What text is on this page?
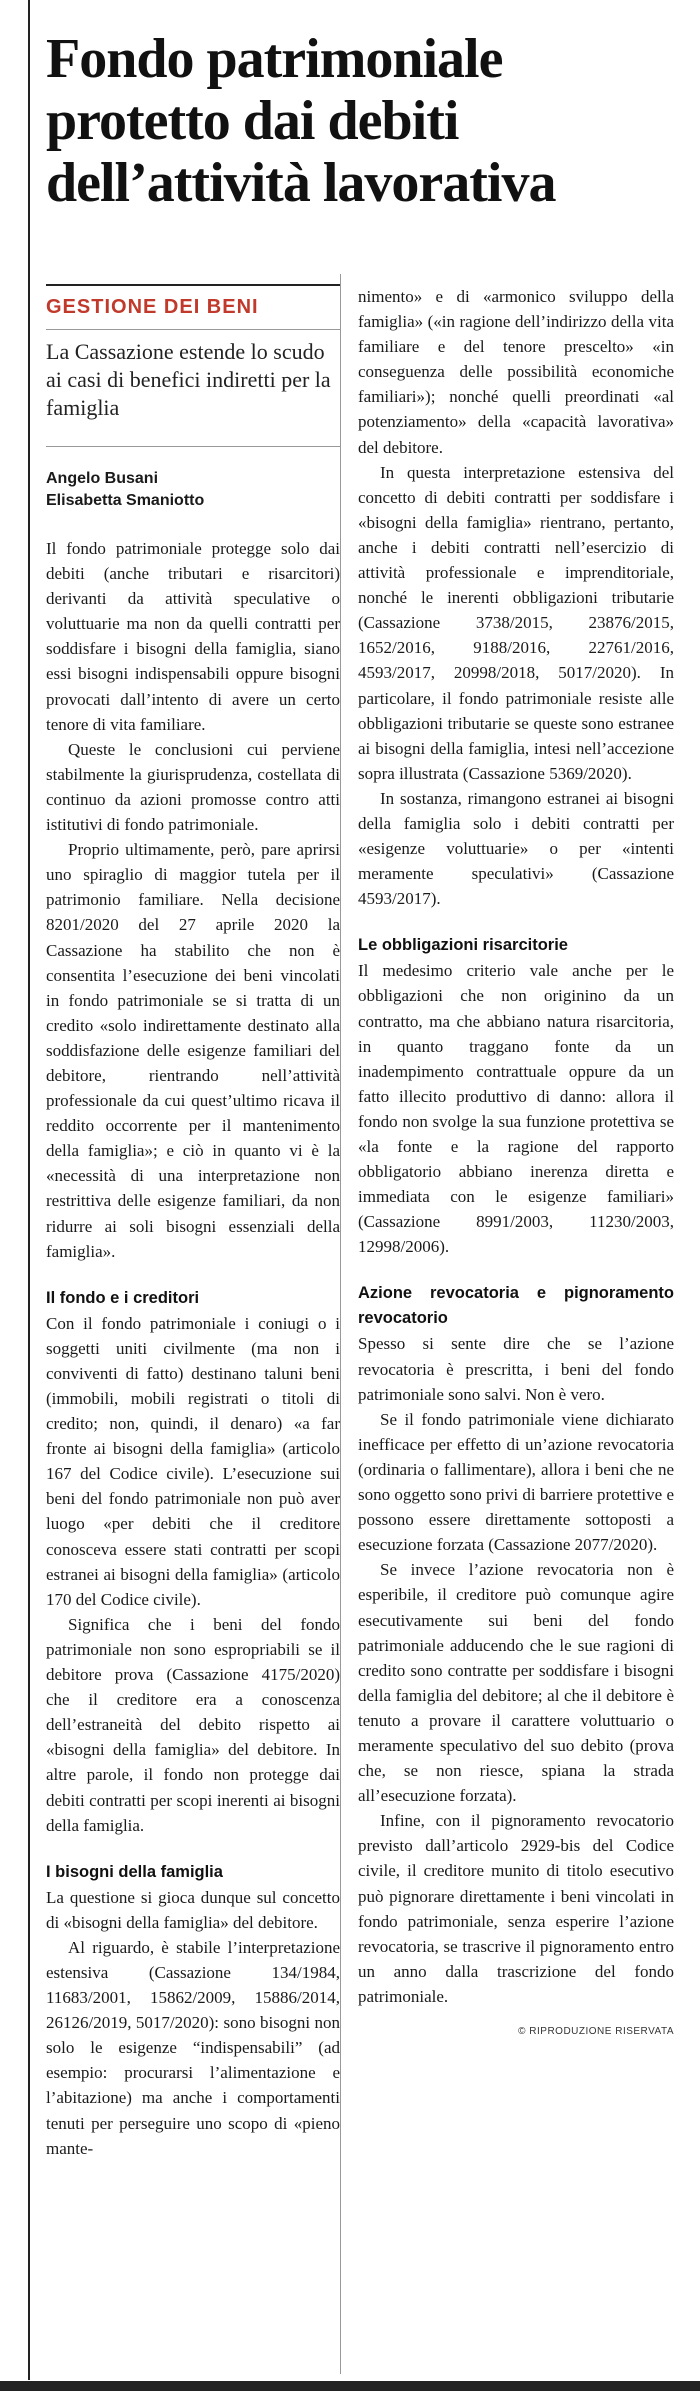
Fondo patrimoniale protetto dai debiti dell’attività lavorativa
GESTIONE DEI BENI

La Cassazione estende lo scudo ai casi di benefici indiretti per la famiglia

Angelo Busani
Elisabetta Smaniotto

Il fondo patrimoniale protegge solo dai debiti (anche tributari e risarcitori) derivanti da attività speculative o voluttuarie ma non da quelli contratti per soddisfare i bisogni della famiglia, siano essi bisogni indispensabili oppure bisogni provocati dall’intento di avere un certo tenore di vita familiare.

Queste le conclusioni cui perviene stabilmente la giurisprudenza, costellata di continuo da azioni promosse contro atti istitutivi di fondo patrimoniale.

Proprio ultimamente, però, pare aprirsi uno spiraglio di maggior tutela per il patrimonio familiare. Nella decisione 8201/2020 del 27 aprile 2020 la Cassazione ha stabilito che non è consentita l’esecuzione dei beni vincolati in fondo patrimoniale se si tratta di un credito «solo indirettamente destinato alla soddisfazione delle esigenze familiari del debitore, rientrando nell’attività professionale da cui quest’ultimo ricava il reddito occorrente per il mantenimento della famiglia»; e ciò in quanto vi è la «necessità di una interpretazione non restrittiva delle esigenze familiari, da non ridurre ai soli bisogni essenziali della famiglia».

Il fondo e i creditori

Con il fondo patrimoniale i coniugi o i soggetti uniti civilmente (ma non i conviventi di fatto) destinano taluni beni (immobili, mobili registrati o titoli di credito; non, quindi, il denaro) «a far fronte ai bisogni della famiglia» (articolo 167 del Codice civile). L’esecuzione sui beni del fondo patrimoniale non può aver luogo «per debiti che il creditore conosceva essere stati contratti per scopi estranei ai bisogni della famiglia» (articolo 170 del Codice civile).

Significa che i beni del fondo patrimoniale non sono espropriabili se il debitore prova (Cassazione 4175/2020) che il creditore era a conoscenza dell’estraneità del debito rispetto ai «bisogni della famiglia» del debitore. In altre parole, il fondo non protegge dai debiti contratti per scopi inerenti ai bisogni della famiglia.

I bisogni della famiglia

La questione si gioca dunque sul concetto di «bisogni della famiglia» del debitore.

Al riguardo, è stabile l’interpretazione estensiva (Cassazione 134/1984, 11683/2001, 15862/2009, 15886/2014, 26126/2019, 5017/2020): sono bisogni non solo le esigenze “indispensabili” (ad esempio: procurarsi l’alimentazione e l’abitazione) ma anche i comportamenti tenuti per perseguire uno scopo di «pieno mante-

nimento» e di «armonico sviluppo della famiglia» («in ragione dell’indirizzo della vita familiare e del tenore prescelto» «in conseguenza delle possibilità economiche familiari»); nonché quelli preordinati «al potenziamento» della «capacità lavorativa» del debitore.

In questa interpretazione estensiva del concetto di debiti contratti per soddisfare i «bisogni della famiglia» rientrano, pertanto, anche i debiti contratti nell’esercizio di attività professionale e imprenditoriale, nonché le inerenti obbligazioni tributarie (Cassazione 3738/2015, 23876/2015, 1652/2016, 9188/2016, 22761/2016, 4593/2017, 20998/2018, 5017/2020). In particolare, il fondo patrimoniale resiste alle obbligazioni tributarie se queste sono estranee ai bisogni della famiglia, intesi nell’accezione sopra illustrata (Cassazione 5369/2020).

In sostanza, rimangono estranei ai bisogni della famiglia solo i debiti contratti per «esigenze voluttuarie» o per «intenti meramente speculativi» (Cassazione 4593/2017).

Le obbligazioni risarcitorie

Il medesimo criterio vale anche per le obbligazioni che non originino da un contratto, ma che abbiano natura risarcitoria, in quanto traggano fonte da un inadempimento contrattuale oppure da un fatto illecito produttivo di danno: allora il fondo non svolge la sua funzione protettiva se «la fonte e la ragione del rapporto obbligatorio abbiano inerenza diretta e immediata con le esigenze familiari» (Cassazione 8991/2003, 11230/2003, 12998/2006).

Azione revocatoria e pignoramento revocatorio

Spesso si sente dire che se l’azione revocatoria è prescritta, i beni del fondo patrimoniale sono salvi. Non è vero.

Se il fondo patrimoniale viene dichiarato inefficace per effetto di un’azione revocatoria (ordinaria o fallimentare), allora i beni che ne sono oggetto sono privi di barriere protettive e possono essere direttamente sottoposti a esecuzione forzata (Cassazione 2077/2020).

Se invece l’azione revocatoria non è esperibile, il creditore può comunque agire esecutivamente sui beni del fondo patrimoniale adducendo che le sue ragioni di credito sono contratte per soddisfare i bisogni della famiglia del debitore; al che il debitore è tenuto a provare il carattere voluttuario o meramente speculativo del suo debito (prova che, se non riesce, spiana la strada all’esecuzione forzata).

Infine, con il pignoramento revocatorio previsto dall’articolo 2929-bis del Codice civile, il creditore munito di titolo esecutivo può pignorare direttamente i beni vincolati in fondo patrimoniale, senza esperire l’azione revocatoria, se trascrive il pignoramento entro un anno dalla trascrizione del fondo patrimoniale.

© RIPRODUZIONE RISERVATA
